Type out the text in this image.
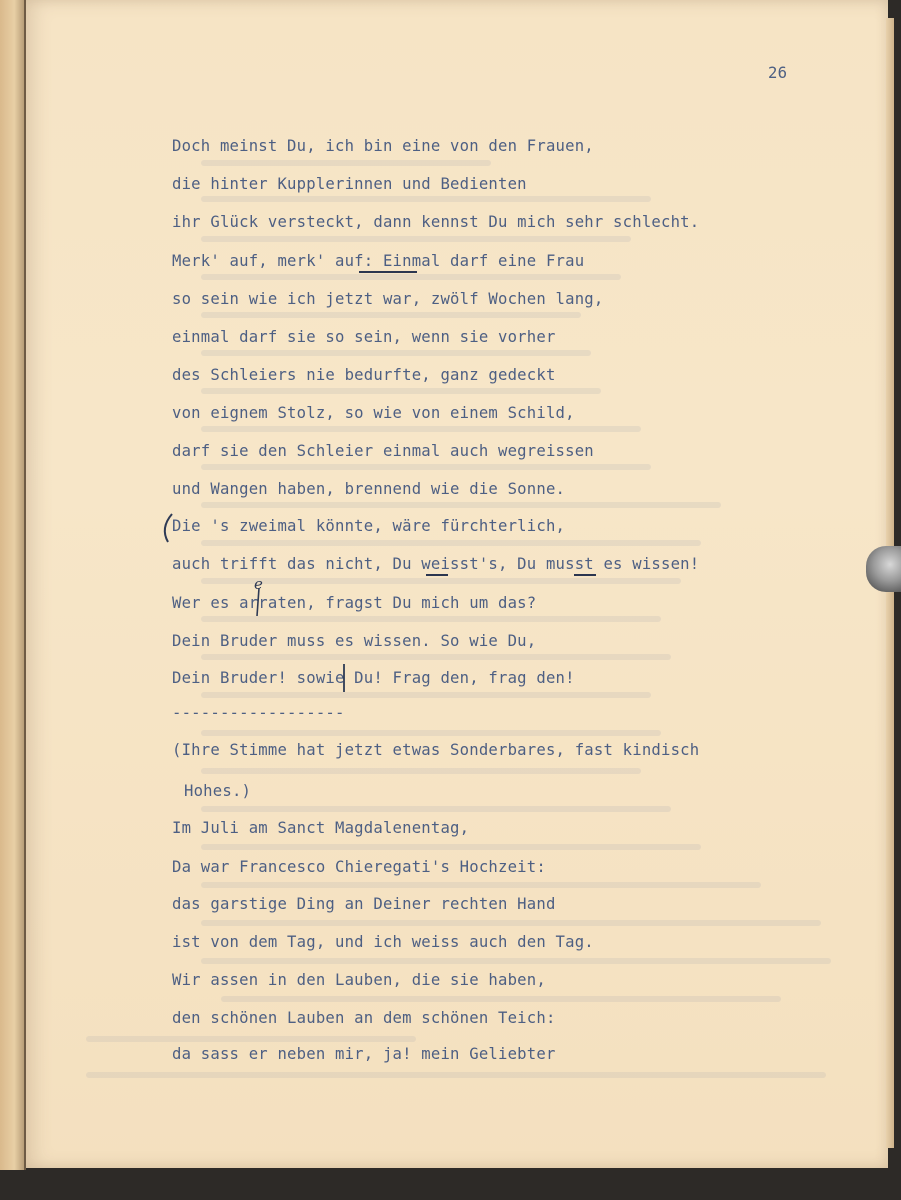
26
Doch meinst Du, ich bin eine von den Frauen,
die hinter Kupplerinnen und Bedienten
ihr Glück versteckt, dann kennst Du mich sehr schlecht.
Merk' auf, merk' auf: Einmal darf eine Frau
so sein wie ich jetzt war, zwölf Wochen lang,
einmal darf sie so sein, wenn sie vorher
des Schleiers nie bedurfte, ganz gedeckt
von eignem Stolz, so wie von einem Schild,
darf sie den Schleier einmal auch wegreissen
und Wangen haben, brennend wie die Sonne.
Die 's zweimal könnte, wäre fürchterlich,
auch trifft das nicht, Du weisst's, Du musst es wissen!
Wer es arraten, fragst Du mich um das?
Dein Bruder muss es wissen. So wie Du,
Dein Bruder! sowie Du! Frag den, frag den!
------------------
(Ihre Stimme hat jetzt etwas Sonderbares, fast kindisch
Hohes.)
Im Juli am Sanct Magdalenentag,
Da war Francesco Chieregati's Hochzeit:
das garstige Ding an Deiner rechten Hand
ist von dem Tag, und ich weiss auch den Tag.
Wir assen in den Lauben, die sie haben,
den schönen Lauben an dem schönen Teich:
da sass er neben mir, ja! mein Geliebter
e
